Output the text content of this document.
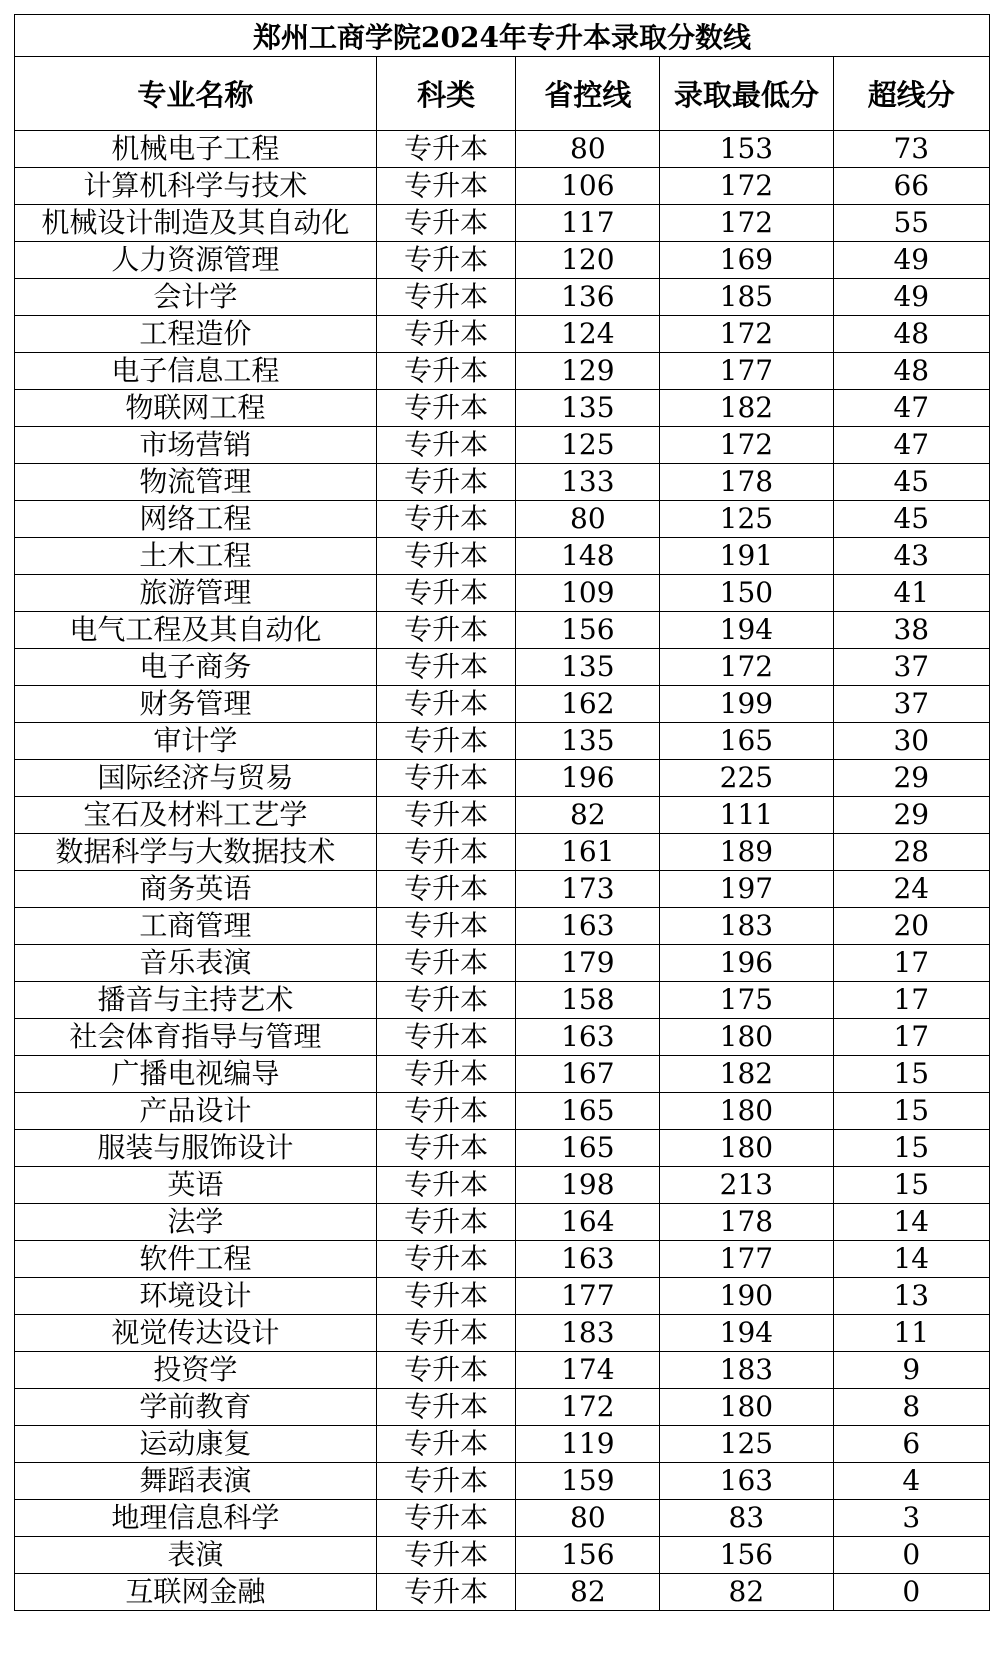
郑州工商学院2024年专升本录取分数线				
专业名称	科类	省控线	录取最低分	超线分
机械电子工程	专升本	80	153	73
计算机科学与技术	专升本	106	172	66
机械设计制造及其自动化	专升本	117	172	55
人力资源管理	专升本	120	169	49
会计学	专升本	136	185	49
工程造价	专升本	124	172	48
电子信息工程	专升本	129	177	48
物联网工程	专升本	135	182	47
市场营销	专升本	125	172	47
物流管理	专升本	133	178	45
网络工程	专升本	80	125	45
土木工程	专升本	148	191	43
旅游管理	专升本	109	150	41
电气工程及其自动化	专升本	156	194	38
电子商务	专升本	135	172	37
财务管理	专升本	162	199	37
审计学	专升本	135	165	30
国际经济与贸易	专升本	196	225	29
宝石及材料工艺学	专升本	82	111	29
数据科学与大数据技术	专升本	161	189	28
商务英语	专升本	173	197	24
工商管理	专升本	163	183	20
音乐表演	专升本	179	196	17
播音与主持艺术	专升本	158	175	17
社会体育指导与管理	专升本	163	180	17
广播电视编导	专升本	167	182	15
产品设计	专升本	165	180	15
服装与服饰设计	专升本	165	180	15
英语	专升本	198	213	15
法学	专升本	164	178	14
软件工程	专升本	163	177	14
环境设计	专升本	177	190	13
视觉传达设计	专升本	183	194	11
投资学	专升本	174	183	9
学前教育	专升本	172	180	8
运动康复	专升本	119	125	6
舞蹈表演	专升本	159	163	4
地理信息科学	专升本	80	83	3
表演	专升本	156	156	0
互联网金融	专升本	82	82	0
